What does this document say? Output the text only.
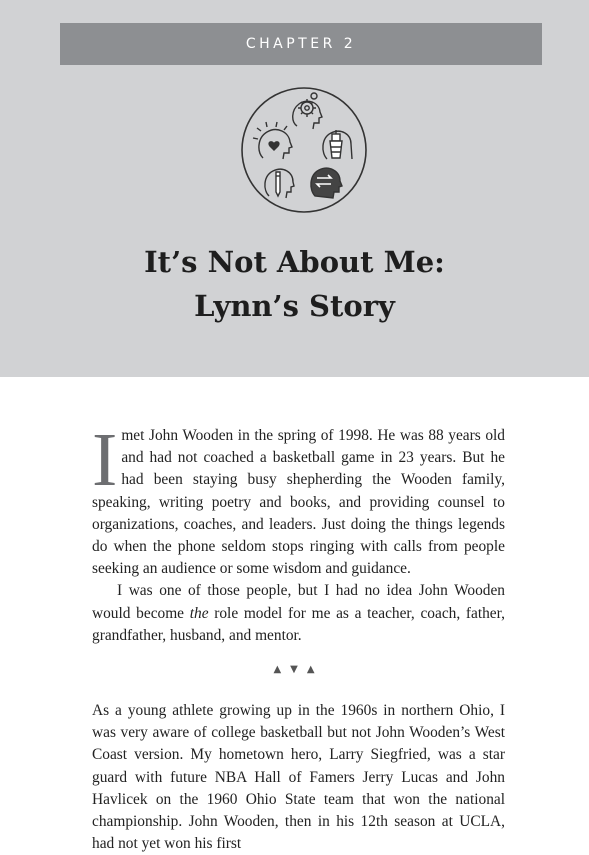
CHAPTER 2
It’s Not About Me:
Lynn’s Story

I met John Wooden in the spring of 1998. He was 88 years old and had not coached a basketball game in 23 years. But he had been staying busy shepherding the Wooden family, speaking, writing poetry and books, and providing counsel to organizations, coaches, and leaders. Just doing the things legends do when the phone seldom stops ringing with calls from people seeking an audience or some wisdom and guidance.

I was one of those people, but I had no idea John Wooden would become the role model for me as a teacher, coach, father, grandfather, husband, and mentor.

▲▼▲

As a young athlete growing up in the 1960s in northern Ohio, I was very aware of college basketball but not John Wooden’s West Coast version. My hometown hero, Larry Siegfried, was a star guard with future NBA Hall of Famers Jerry Lucas and John Havlicek on the 1960 Ohio State team that won the national championship. John Wooden, then in his 12th season at UCLA, had not yet won his first
